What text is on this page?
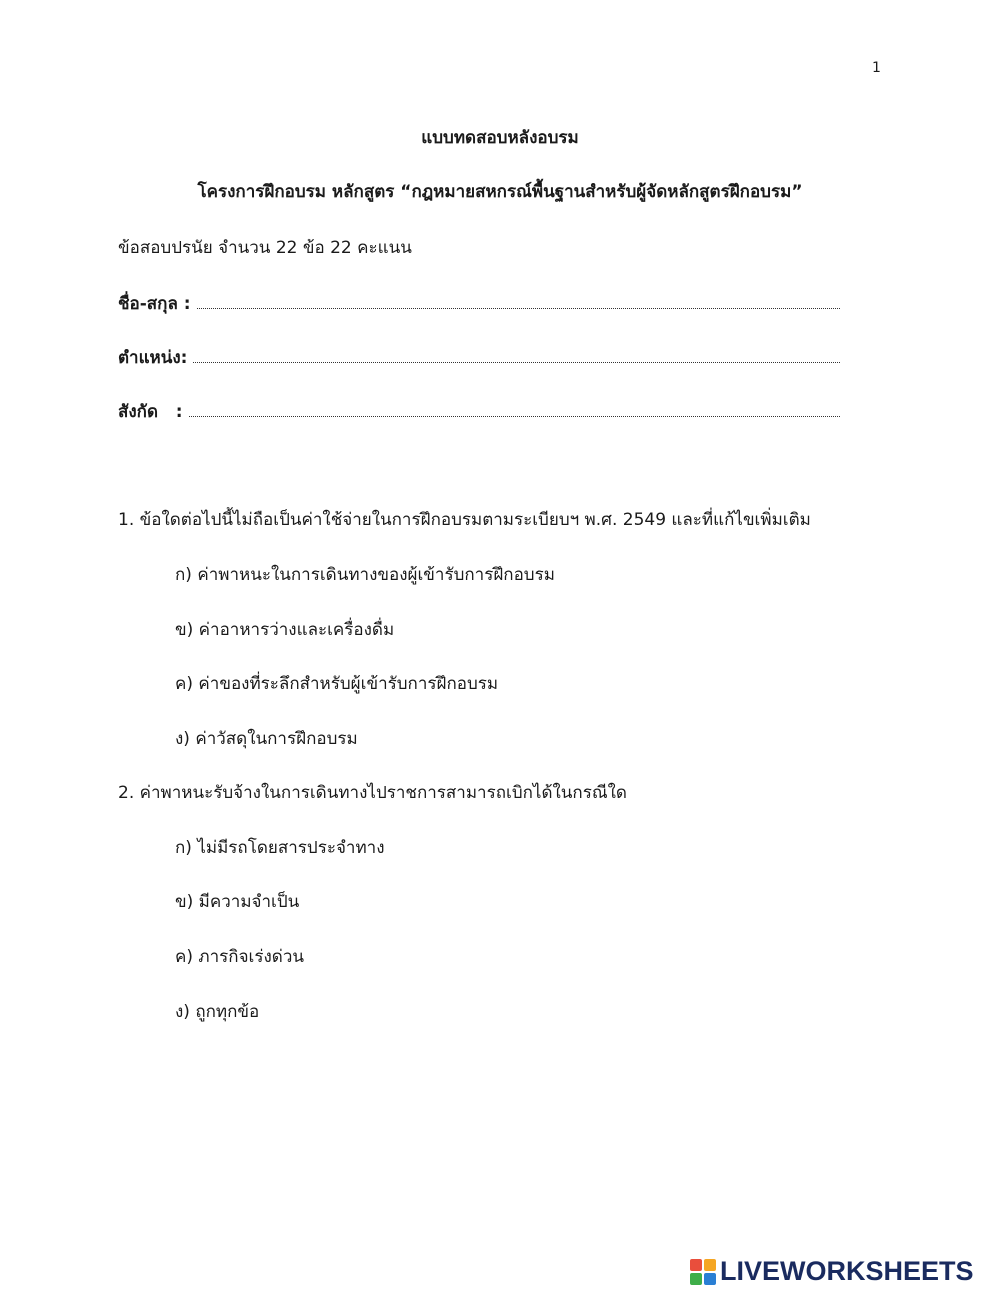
1
แบบทดสอบหลังอบรม
โครงการฝึกอบรม หลักสูตร “กฎหมายสหกรณ์พื้นฐานสำหรับผู้จัดหลักสูตรฝึกอบรม”
ข้อสอบปรนัย จำนวน 22 ข้อ 22 คะแนน
ชื่อ-สกุล :
ตำแหน่ง:
สังกัด   :
1. ข้อใดต่อไปนี้ไม่ถือเป็นค่าใช้จ่ายในการฝึกอบรมตามระเบียบฯ พ.ศ. 2549 และที่แก้ไขเพิ่มเติม
ก) ค่าพาหนะในการเดินทางของผู้เข้ารับการฝึกอบรม
ข) ค่าอาหารว่างและเครื่องดื่ม
ค) ค่าของที่ระลึกสำหรับผู้เข้ารับการฝึกอบรม
ง) ค่าวัสดุในการฝึกอบรม
2. ค่าพาหนะรับจ้างในการเดินทางไปราชการสามารถเบิกได้ในกรณีใด
ก) ไม่มีรถโดยสารประจำทาง
ข) มีความจำเป็น
ค) ภารกิจเร่งด่วน
ง) ถูกทุกข้อ
LIVEWORKSHEETS
